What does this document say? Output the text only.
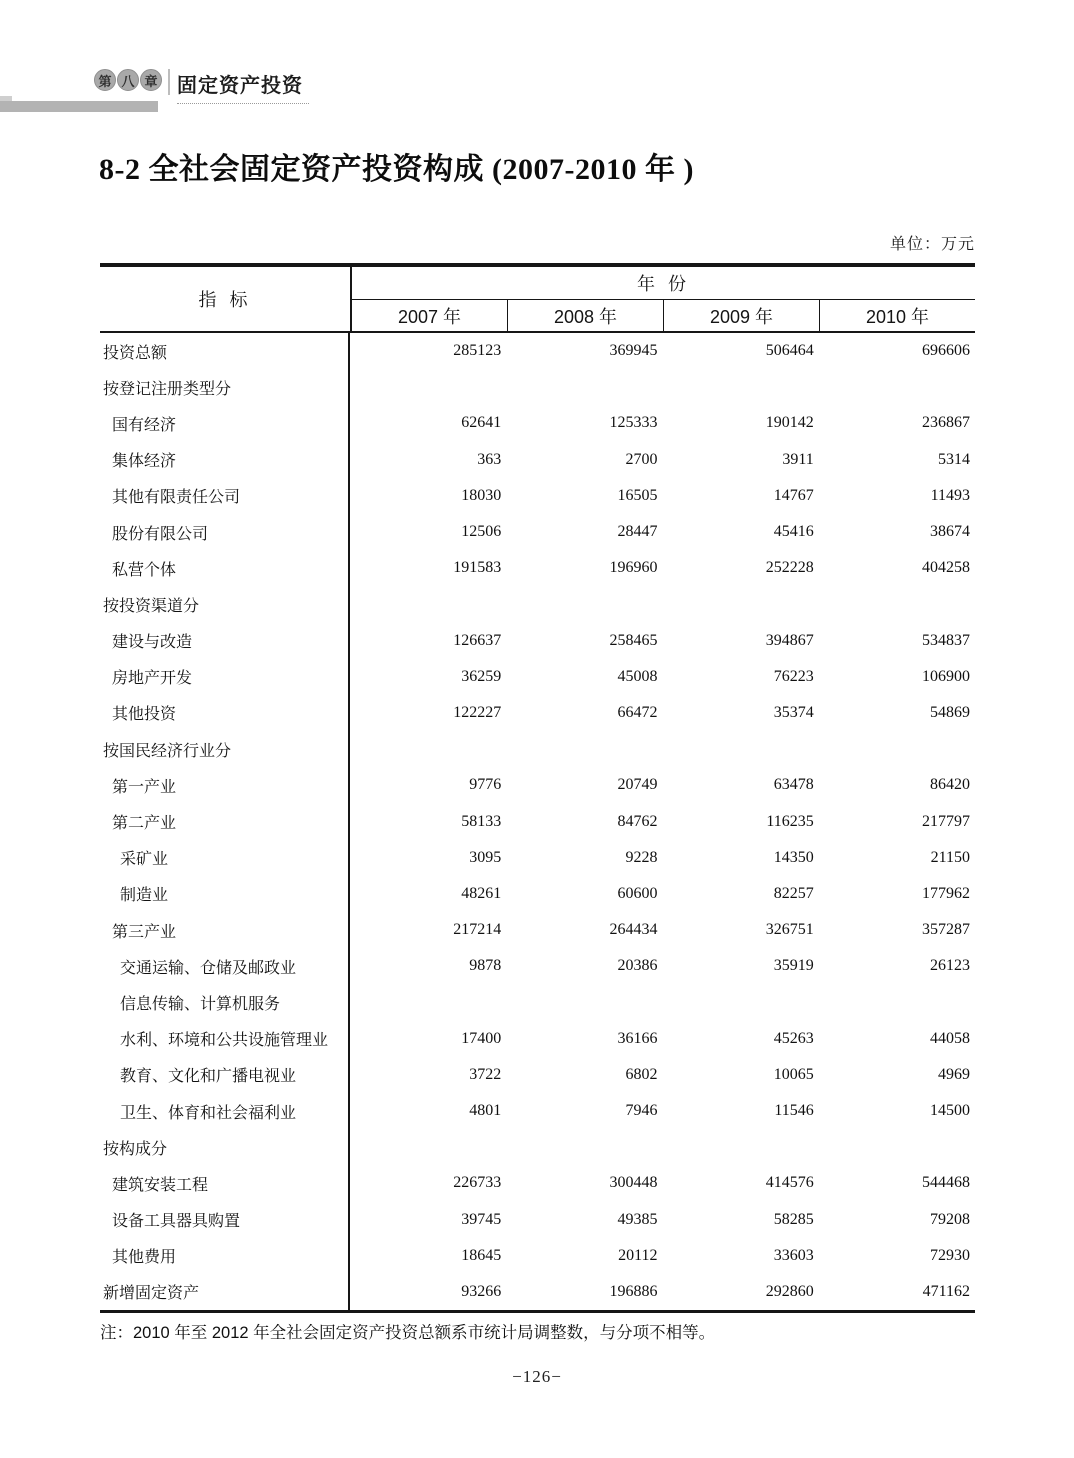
第 八 章 固定资产投资
8-2 全社会固定资产投资构成 (2007-2010 年 )
单位：万元
指 标
年 份
2007 年	2008 年	2009 年	2010 年
投资总额	285123	369945	506464	696606
按登记注册类型分
国有经济	62641	125333	190142	236867
集体经济	363	2700	3911	5314
其他有限责任公司	18030	16505	14767	11493
股份有限公司	12506	28447	45416	38674
私营个体	191583	196960	252228	404258
按投资渠道分
建设与改造	126637	258465	394867	534837
房地产开发	36259	45008	76223	106900
其他投资	122227	66472	35374	54869
按国民经济行业分
第一产业	9776	20749	63478	86420
第二产业	58133	84762	116235	217797
采矿业	3095	9228	14350	21150
制造业	48261	60600	82257	177962
第三产业	217214	264434	326751	357287
交通运输、仓储及邮政业	9878	20386	35919	26123
信息传输、计算机服务
水利、环境和公共设施管理业	17400	36166	45263	44058
教育、文化和广播电视业	3722	6802	10065	4969
卫生、体育和社会福利业	4801	7946	11546	14500
按构成分
建筑安装工程	226733	300448	414576	544468
设备工具器具购置	39745	49385	58285	79208
其他费用	18645	20112	33603	72930
新增固定资产	93266	196886	292860	471162
注：2010 年至 2012 年全社会固定资产投资总额系市统计局调整数，与分项不相等。
−126−
